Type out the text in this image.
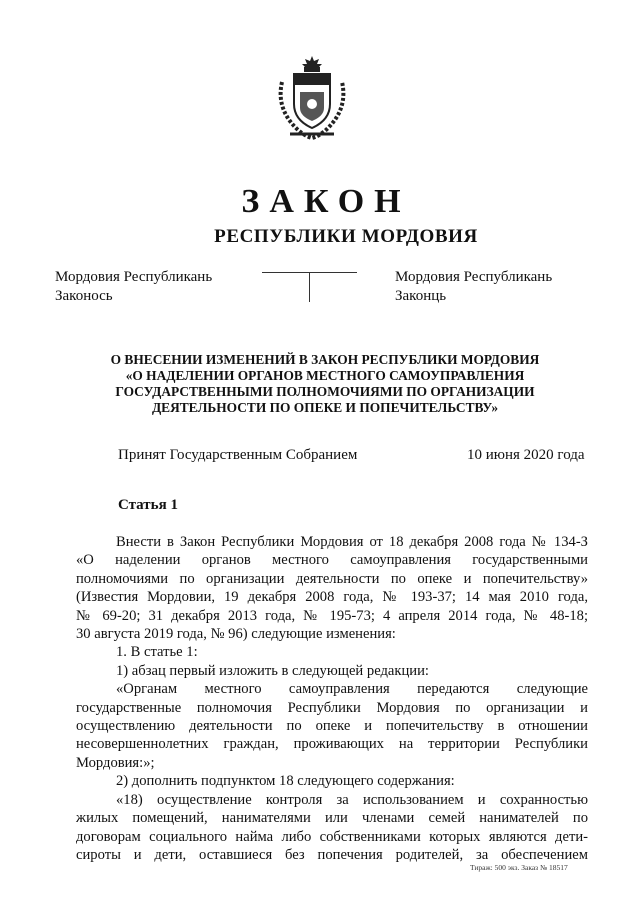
ЗАКОН
РЕСПУБЛИКИ МОРДОВИЯ
Мордовия Республикань
Законось
Мордовия Республикань
Законць
О ВНЕСЕНИИ ИЗМЕНЕНИЙ В ЗАКОН РЕСПУБЛИКИ МОРДОВИЯ
«О НАДЕЛЕНИИ ОРГАНОВ МЕСТНОГО САМОУПРАВЛЕНИЯ
ГОСУДАРСТВЕННЫМИ ПОЛНОМОЧИЯМИ ПО ОРГАНИЗАЦИИ
ДЕЯТЕЛЬНОСТИ ПО ОПЕКЕ И ПОПЕЧИТЕЛЬСТВУ»
Принят Государственным Собранием	10 июня 2020 года
Статья 1

Внести в Закон Республики Мордовия от 18 декабря 2008 года № 134-З

«О наделении органов местного самоуправления государственными

полномочиями по организации деятельности по опеке и попечительству»

(Известия Мордовии, 19 декабря 2008 года, № 193-37; 14 мая 2010 года,

№ 69-20; 31 декабря 2013 года, № 195-73; 4 апреля 2014 года, № 48-18;

30 августа 2019 года, № 96) следующие изменения:

1. В статье 1:

1) абзац первый изложить в следующей редакции:

«Органам местного самоуправления передаются следующие

государственные полномочия Республики Мордовия по организации и

осуществлению деятельности по опеке и попечительству в отношении

несовершеннолетних граждан, проживающих на территории Республики

Мордовия:»;

2) дополнить подпунктом 18 следующего содержания:

«18) осуществление контроля за использованием и сохранностью

жилых помещений, нанимателями или членами семей нанимателей по

договорам социального найма либо собственниками которых являются дети-

сироты и дети, оставшиеся без попечения родителей, за обеспечением

Тираж: 500 экз. Заказ № 18517
